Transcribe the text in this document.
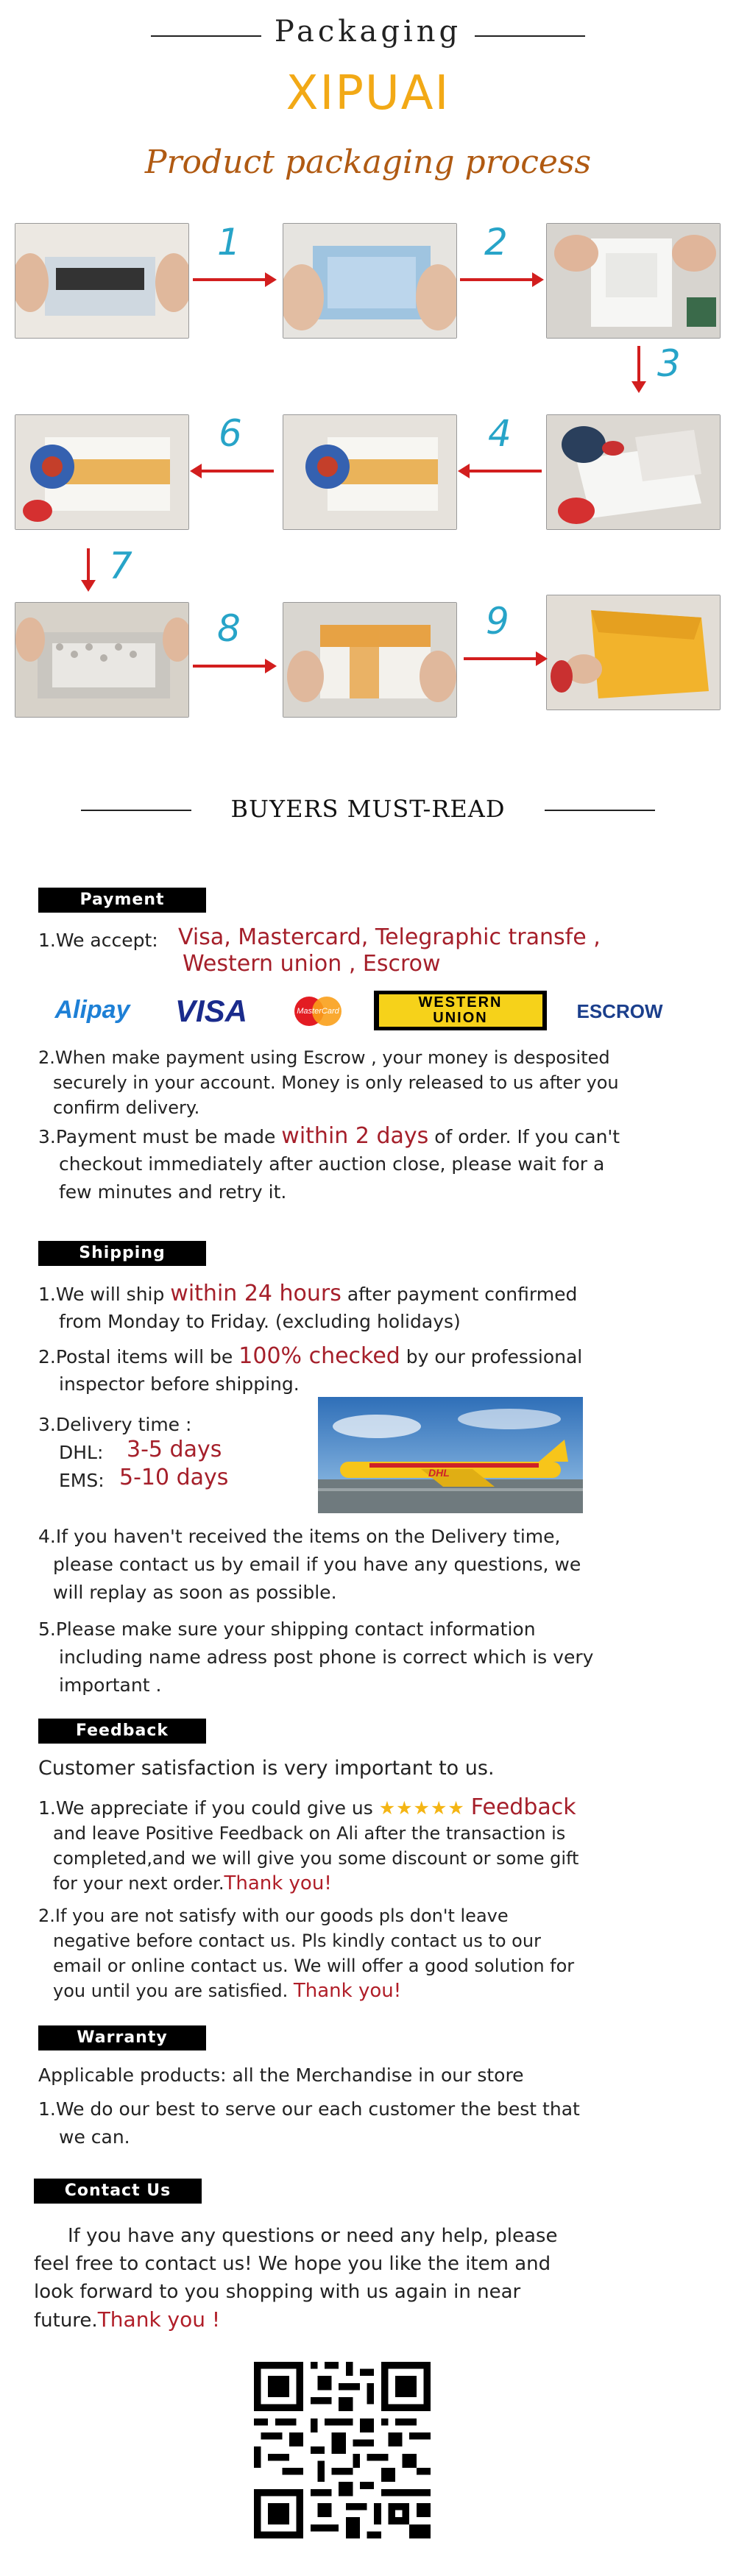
Packaging
XIPUAI
Product packaging process
1	2
3
4
6
7
8	9
BUYERS MUST-READ
Payment
1.We accept: Visa, Mastercard, Telegraphic transfe ,
Western union , Escrow
Alipay VISA	MasterCard
WESTERN
UNION	ESCROW
2.When make payment using Escrow , your money is desposited
securely in your account. Money is only released to us after you
confirm delivery.
3.Payment must be made within 2 days of order. If you can't
checkout immediately after auction close, please wait for a
few minutes and retry it.
Shipping
1.We will ship within 24 hours after payment confirmed
from Monday to Friday. (excluding holidays)
2.Postal items will be 100% checked by our professional
inspector before shipping.
3.Delivery time :
DHL: 3-5 days
EMS: 5-10 days	DHL
4.If you haven't received the items on the Delivery time,
please contact us by email if you have any questions, we
will replay as soon as possible.
5.Please make sure your shipping contact information
including name adress post phone is correct which is very
important .
Feedback
Customer satisfaction is very important to us.
1.We appreciate if you could give us ★★★★★ Feedback
and leave Positive Feedback on Ali after the transaction is
completed,and we will give you some discount or some gift
for your next order.Thank you!
2.If you are not satisfy with our goods pls don't leave
negative before contact us. Pls kindly contact us to our
email or online contact us. We will offer a good solution for
you until you are satisfied. Thank you!
Warranty
Applicable products: all the Merchandise in our store
1.We do our best to serve our each customer the best that
we can.
Contact Us
If you have any questions or need any help, please
feel free to contact us! We hope you like the item and
look forward to you shopping with us again in near
future.Thank you !
